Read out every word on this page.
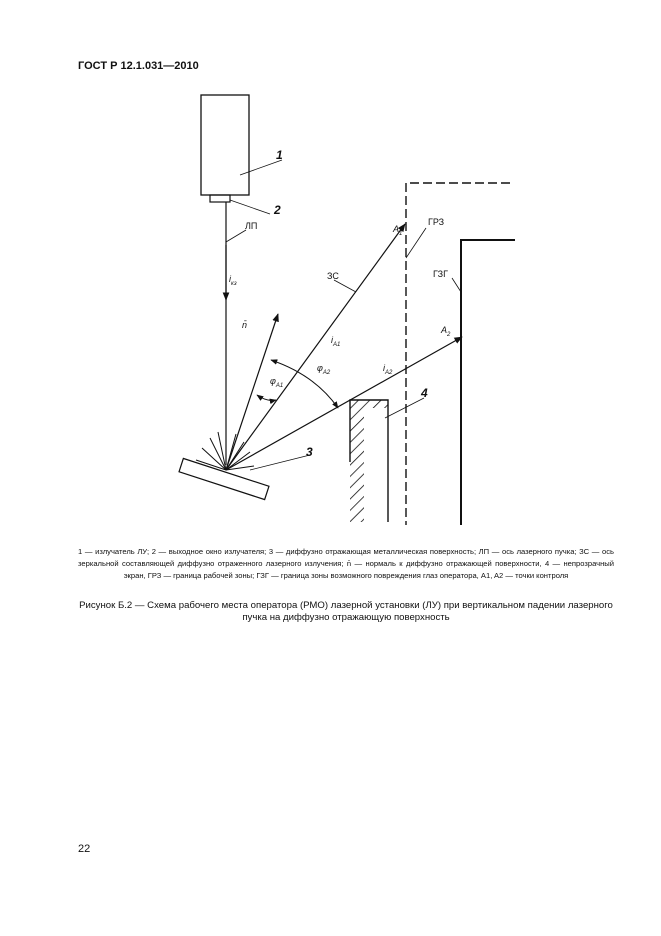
ГОСТ Р 12.1.031—2010
1
2
3
4
ЛП
ЗС
ГРЗ
ГЗГ
$A_1$
$A_2$
n̄
$i_{кз}$
$i_{A1}$
$i_{A2}$
$\varphi_{A1}$
$\varphi_{A2}$
1 — излучатель ЛУ; 2 — выходное окно излучателя; 3 — диффузно отражающая металлическая поверхность; ЛП — ось лазерного пучка; ЗС — ось зеркальной составляющей диффузно отраженного лазерного излучения; n̄ — нормаль к диффузно отражающей поверхности, 4 — непрозрачный экран, ГРЗ — граница рабочей зоны; ГЗГ — граница зоны возможного повреждения глаз оператора, A1, A2 — точки контроля
Рисунок Б.2 — Схема рабочего места оператора (РМО) лазерной установки (ЛУ) при вертикальном падении лазерного пучка на диффузно отражающую поверхность
22
